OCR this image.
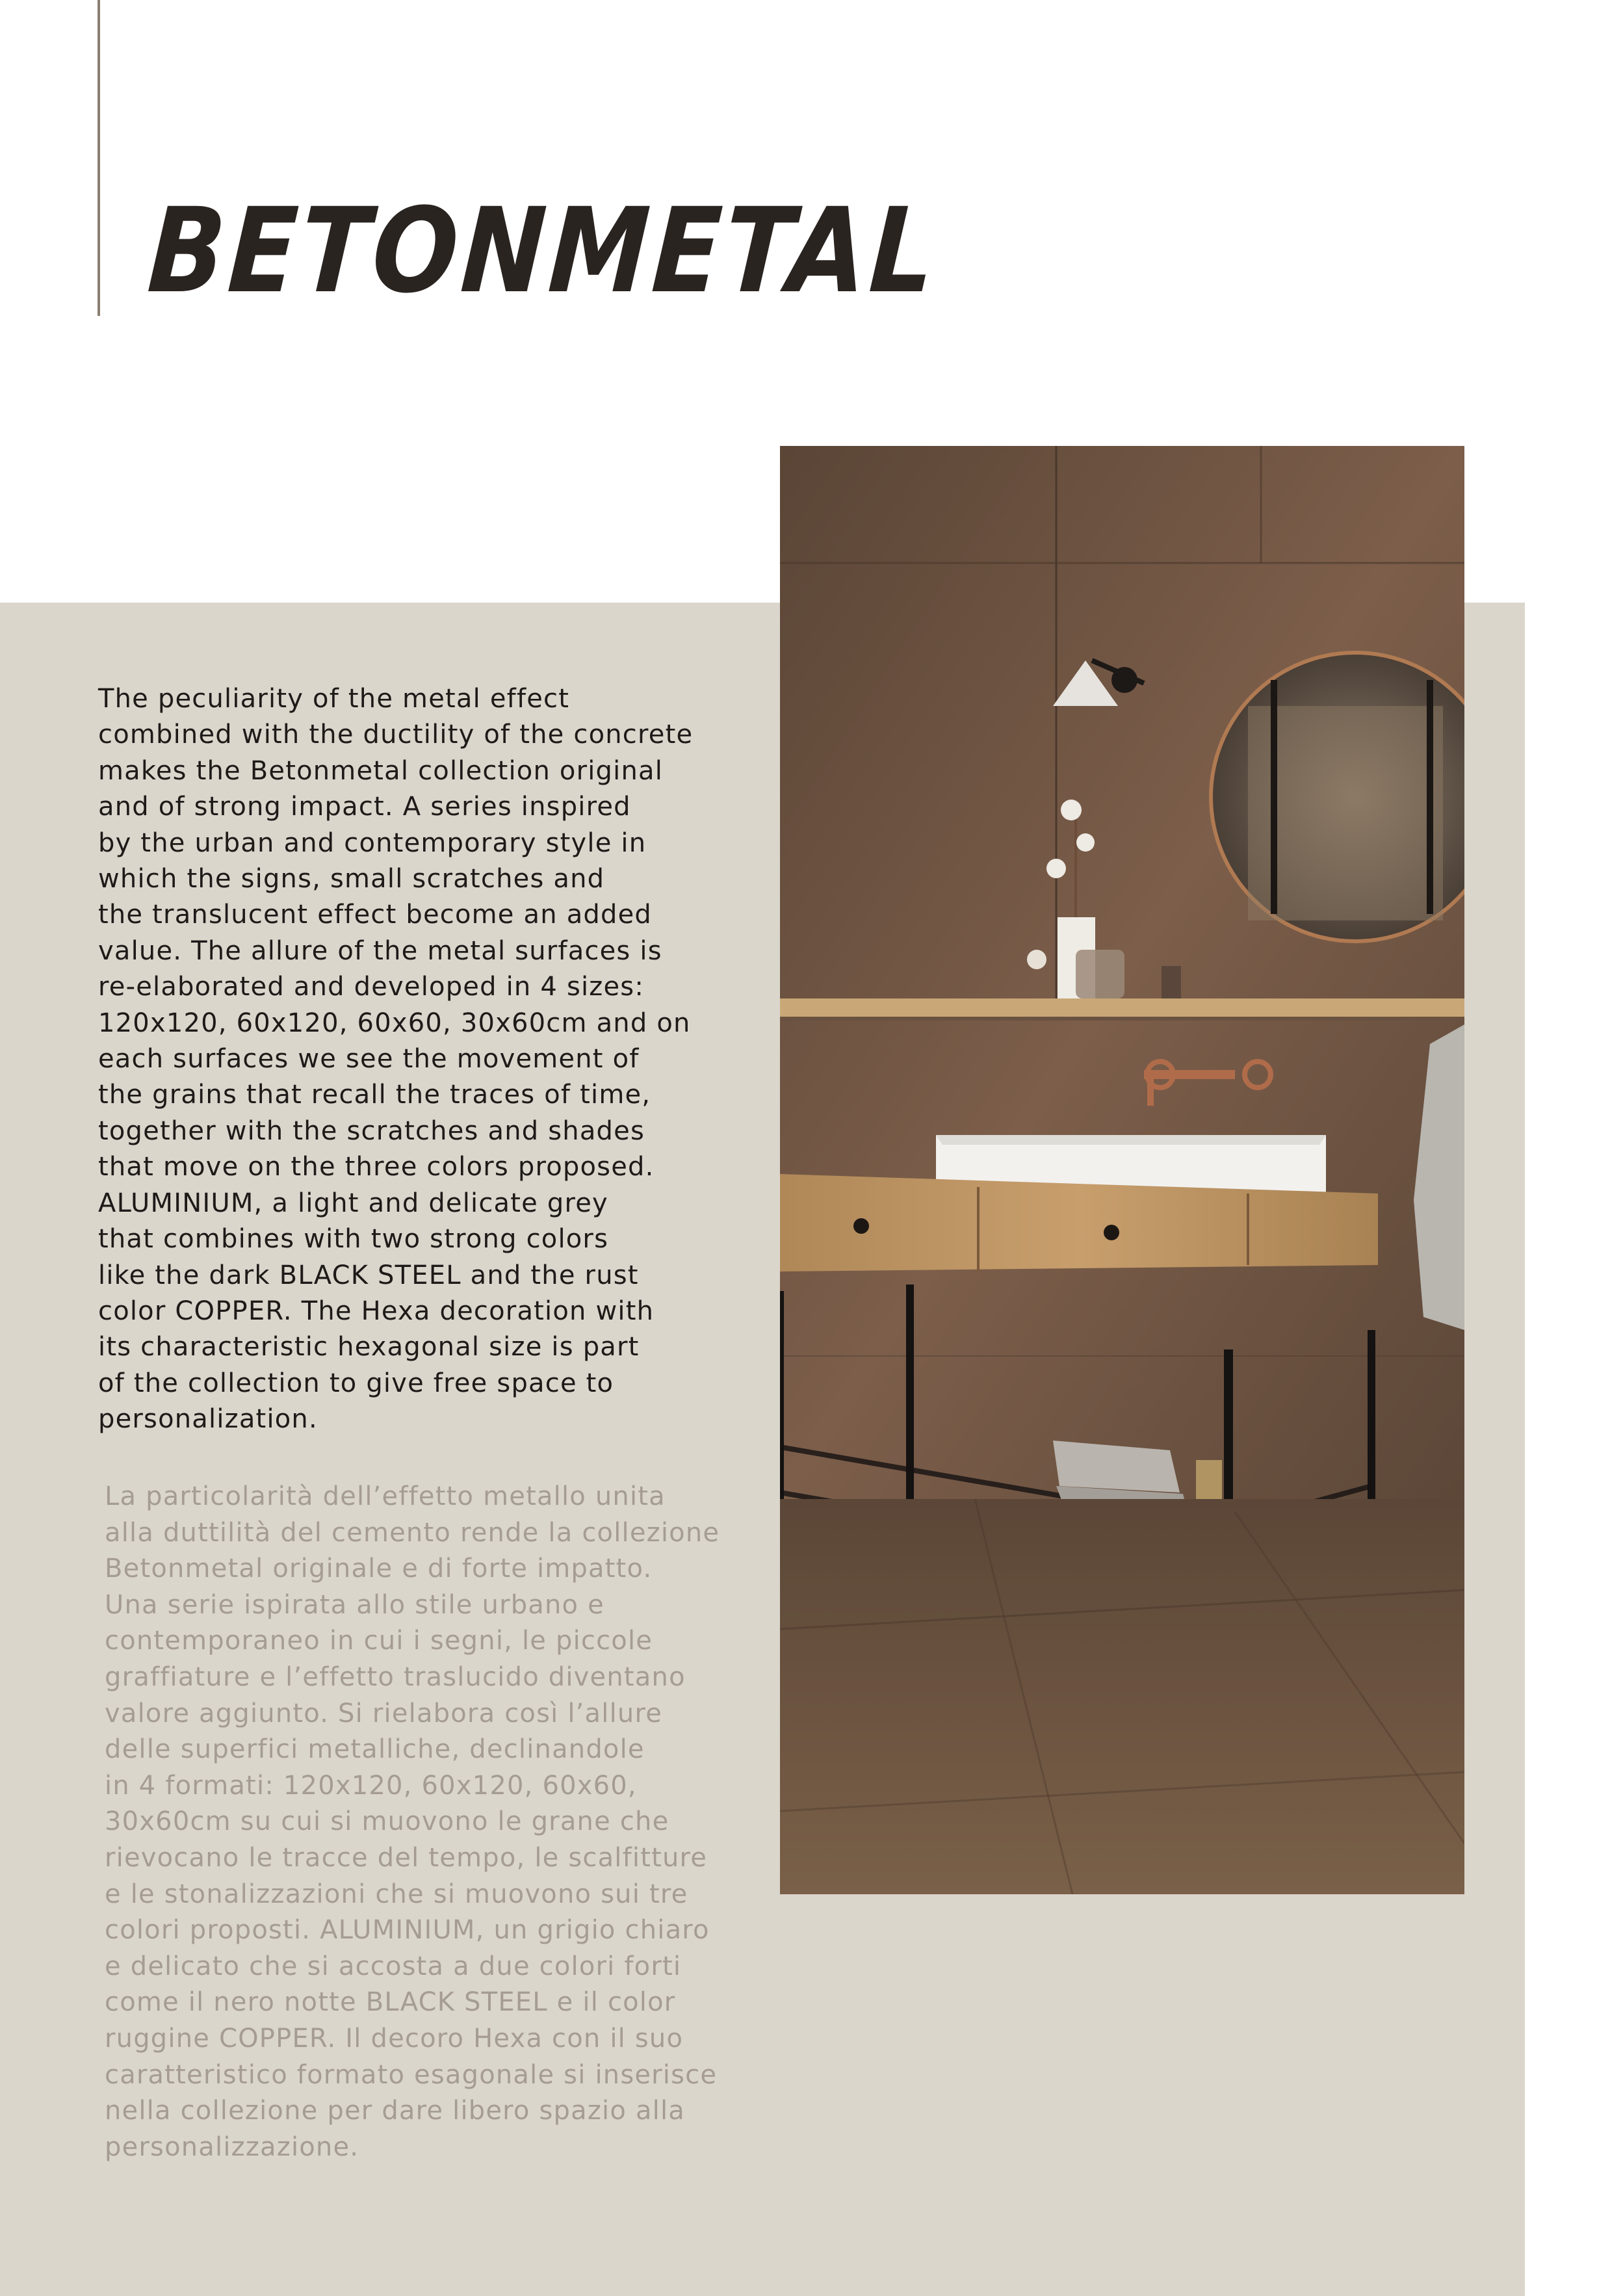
BETONMETAL

The peculiarity of the metal effect
combined with the ductility of the concrete
makes the Betonmetal collection original
and of strong impact. A series inspired
by the urban and contemporary style in
which the signs, small scratches and
the translucent effect become an added
value. The allure of the metal surfaces is
re-elaborated and developed in 4 sizes:
120x120, 60x120, 60x60, 30x60cm and on
each surfaces we see the movement of
the grains that recall the traces of time,
together with the scratches and shades
that move on the three colors proposed.
ALUMINIUM, a light and delicate grey
that combines with two strong colors
like the dark BLACK STEEL and the rust
color COPPER. The Hexa decoration with
its characteristic hexagonal size is part
of the collection to give free space to
personalization.

La particolarità dell’effetto metallo unita
alla duttilità del cemento rende la collezione
Betonmetal originale e di forte impatto.
Una serie ispirata allo stile urbano e
contemporaneo in cui i segni, le piccole
graffiature e l’effetto traslucido diventano
valore aggiunto. Si rielabora così l’allure
delle superfici metalliche, declinandole
in 4 formati: 120x120, 60x120, 60x60,
30x60cm su cui si muovono le grane che
rievocano le tracce del tempo, le scalfitture
e le stonalizzazioni che si muovono sui tre
colori proposti. ALUMINIUM, un grigio chiaro
e delicato che si accosta a due colori forti
come il nero notte BLACK STEEL e il color
ruggine COPPER. Il decoro Hexa con il suo
caratteristico formato esagonale si inserisce
nella collezione per dare libero spazio alla
personalizzazione.
